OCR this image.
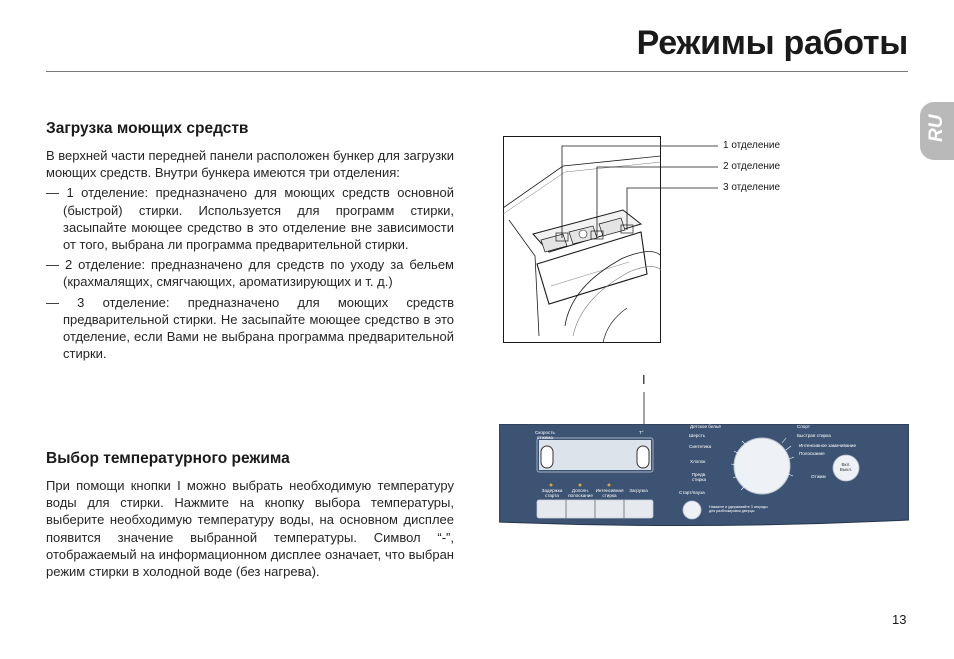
Режимы работы
RU
Загрузка моющих средств

В верхней части передней панели расположен бункер для загрузки моющих средств. Внутри бункера имеются три отделения:

— 1 отделение: предназначено для моющих средств основной (быстрой) стирки. Используется для программ стирки, засыпайте моющее средство в это отделение вне зависимости от того, выбрана ли программа предварительной стирки.

— 2 отделение: предназначено для средств по уходу за бельем (крахмалящих, смягчающих, ароматизирующих и т. д.)

— 3 отделение: предназначено для моющих средств предварительной стирки. Не засыпайте моющее средство в это отделение, если Вами не выбрана программа предварительной стирки.

Выбор температурного режима

При помощи кнопки I можно выбрать необходимую температуру воды для стирки. Нажмите на кнопку выбора температуры, выберите необходимую температуру воды, на основном дисплее появится значение выбранной температуры. Символ “-”, отображаемый на информационном дисплее означает, что выбран режим стирки в холодной воде (без нагрева).

1 отделение
2 отделение
3 отделение
I
Скорость
отжима
T°
Задержка
старта
Дополн.
полоскание
Интенсивная
стирка
Загрузка	Старт/пауза
Детское бельё
Шерсть
Синтетика
Хлопок
Предв.
стирка
Спорт
Быстрая стирка
Интенсивное замачивание
Полоскание
Отжим
Вкл.
Выкл.
Нажмите и удерживайте 3 секунды
для разблокировки дверцы
13
